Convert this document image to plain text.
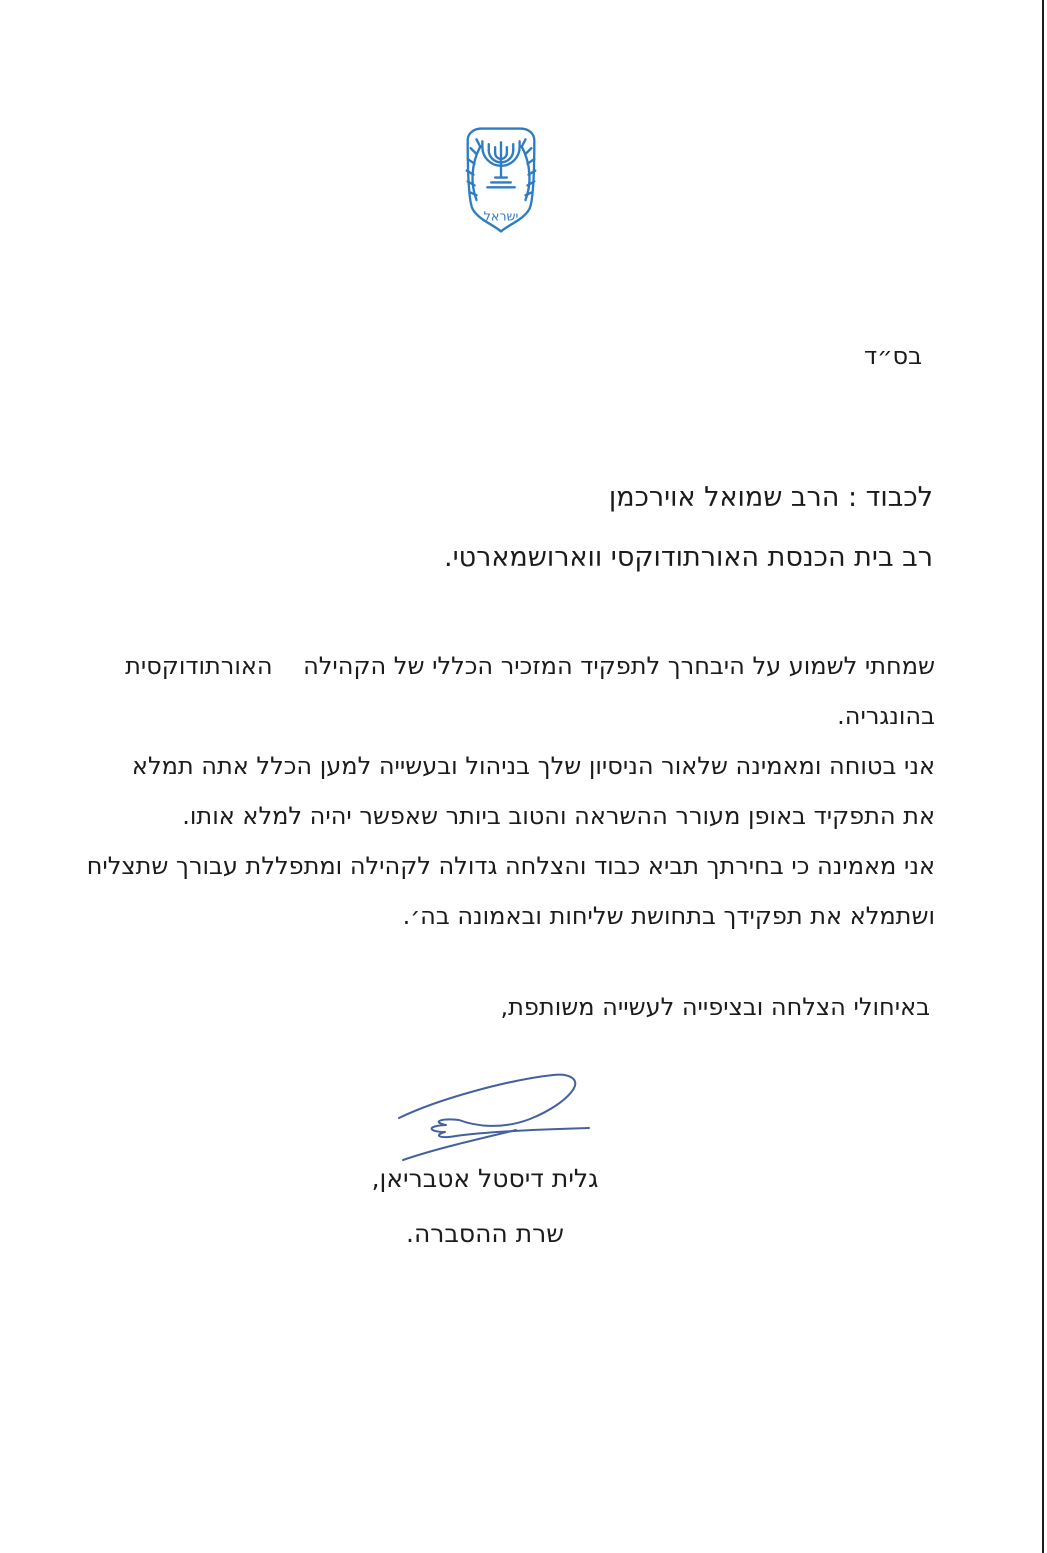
ישראל
בס״ד
לכבוד : הרב שמואל אוירכמן
רב בית הכנסת האורתודוקסי ווארושמארטי.
שמחתי לשמוע על היבחרך לתפקיד המזכיר הכללי של הקהילה    האורתודוקסית
בהונגריה.
אני בטוחה ומאמינה שלאור הניסיון שלך בניהול ובעשייה למען הכלל אתה תמלא
את התפקיד באופן מעורר ההשראה והטוב ביותר שאפשר יהיה למלא אותו.
אני מאמינה כי בחירתך תביא כבוד והצלחה גדולה לקהילה ומתפללת עבורך שתצליח
ושתמלא את תפקידך בתחושת שליחות ובאמונה בה׳.
באיחולי הצלחה ובציפייה לעשייה משותפת,
גלית דיסטל אטבריאן,
שרת ההסברה.
